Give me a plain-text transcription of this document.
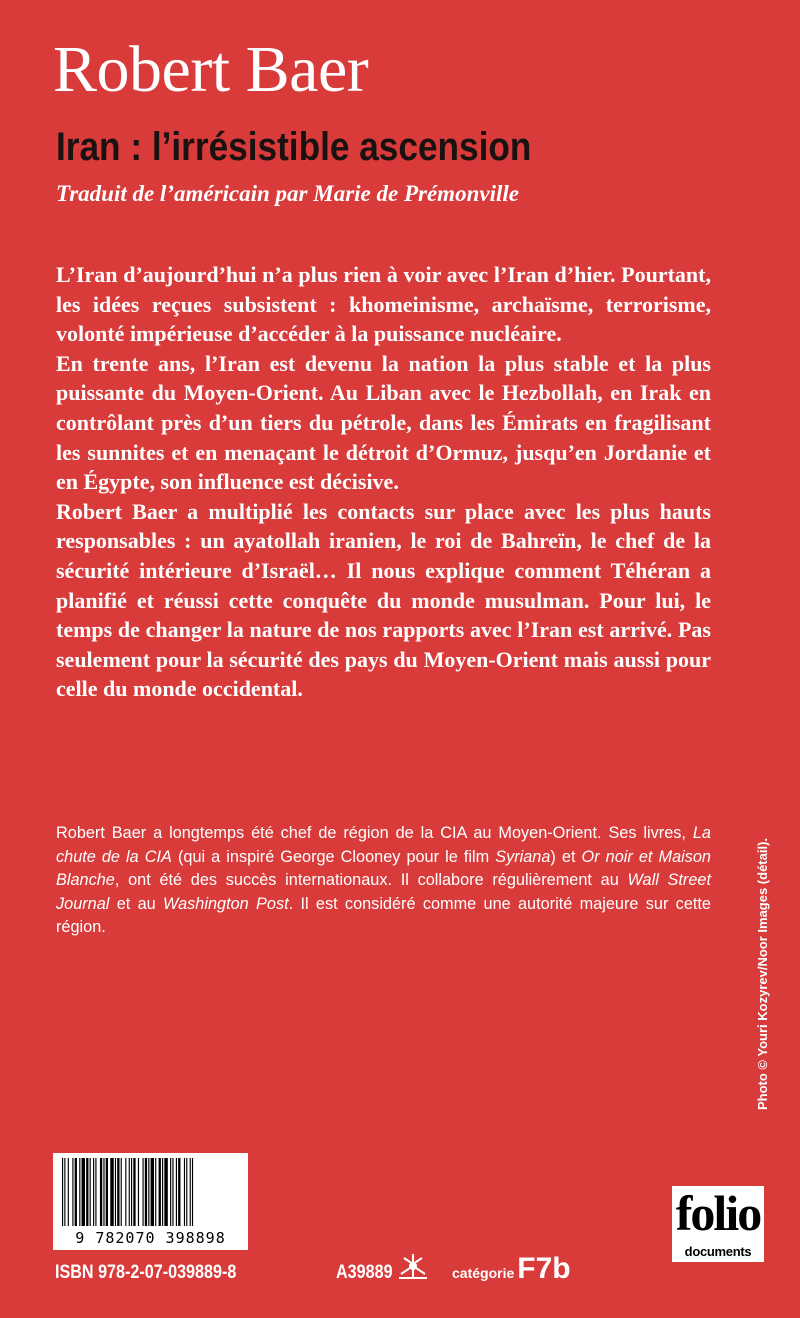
Robert Baer
Iran : l’irrésistible ascension
Traduit de l’américain par Marie de Prémonville

L’Iran d’aujourd’hui n’a plus rien à voir avec l’Iran d’hier. Pourtant, les idées reçues subsistent : khomeinisme, archaïsme, terrorisme, volonté impérieuse d’accéder à la puissance nucléaire.

En trente ans, l’Iran est devenu la nation la plus stable et la plus puissante du Moyen-Orient. Au Liban avec le Hezbollah, en Irak en contrôlant près d’un tiers du pétrole, dans les Émirats en fragilisant les sunnites et en menaçant le détroit d’Ormuz, jusqu’en Jordanie et en Égypte, son influence est décisive.

Robert Baer a multiplié les contacts sur place avec les plus hauts responsables : un ayatollah iranien, le roi de Bahreïn, le chef de la sécurité intérieure d’Israël… Il nous explique comment Téhéran a planifié et réussi cette conquête du monde musulman. Pour lui, le temps de changer la nature de nos rapports avec l’Iran est arrivé. Pas seulement pour la sécurité des pays du Moyen-Orient mais aussi pour celle du monde occidental.

Robert Baer a longtemps été chef de région de la CIA au Moyen-Orient. Ses livres, La chute de la CIA (qui a inspiré George Clooney pour le film Syriana) et Or noir et Maison Blanche, ont été des succès internationaux. Il collabore régulièrement au Wall Street Journal et au Washington Post. Il est considéré comme une autorité majeure sur cette région.	Photo © Youri Kozyrev/Noor Images (détail).
9 782070 398898
ISBN 978-2-07-039889-8	A39889	catégorie F7b
folio
documents
